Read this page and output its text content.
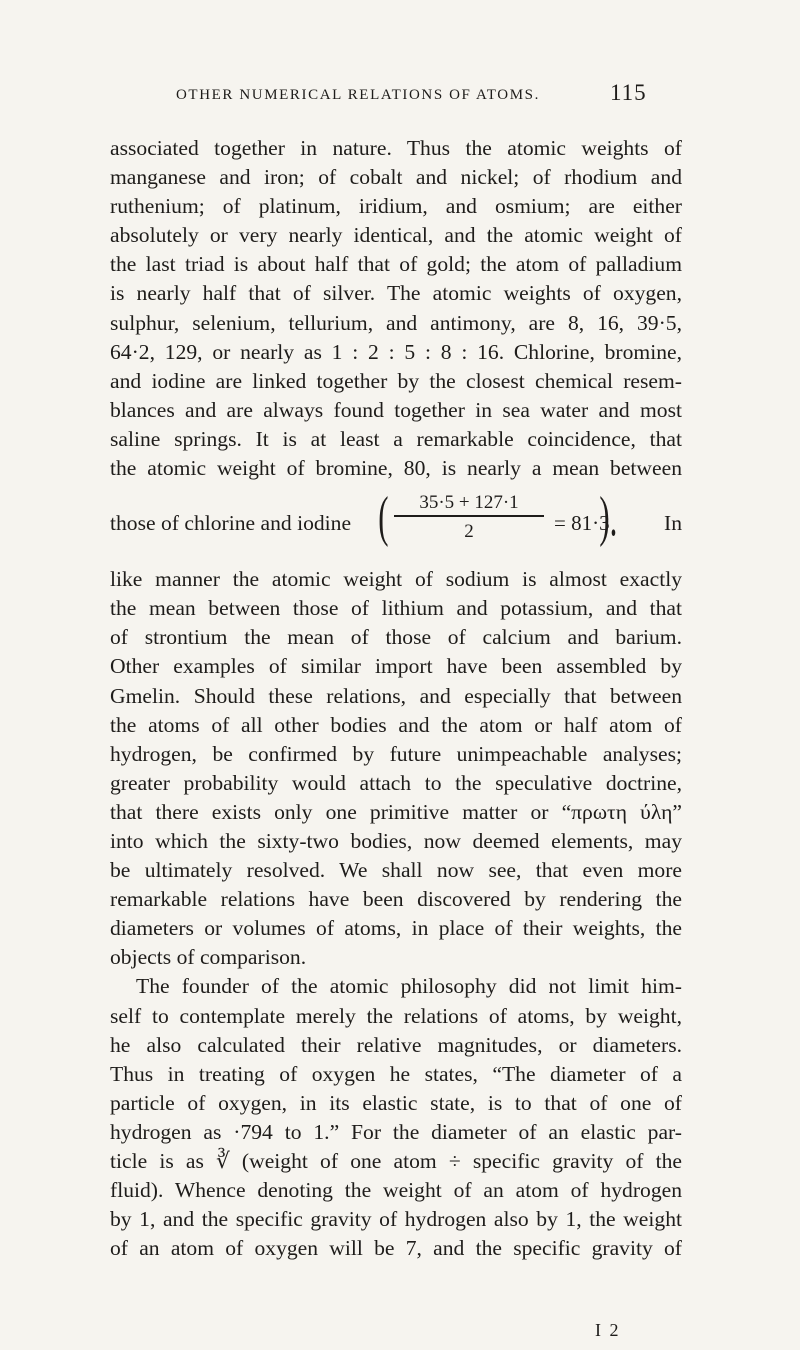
OTHER NUMERICAL RELATIONS OF ATOMS.	115
associated together in nature. Thus the atomic weights of
manganese and iron; of cobalt and nickel; of rhodium and
ruthenium; of platinum, iridium, and osmium; are either
absolutely or very nearly identical, and the atomic weight of
the last triad is about half that of gold; the atom of palladium
is nearly half that of silver. The atomic weights of oxygen,
sulphur, selenium, tellurium, and antimony, are 8, 16, 39·5,
64·2, 129, or nearly as 1 : 2 : 5 : 8 : 16. Chlorine, bromine,
and iodine are linked together by the closest chemical resem-
blances and are always found together in sea water and most
saline springs. It is at least a remarkable coincidence, that
the atomic weight of bromine, 80, is nearly a mean between
those of chlorine and iodine (	35·5 + 127·1
2	= 81·3
). In
like manner the atomic weight of sodium is almost exactly
the mean between those of lithium and potassium, and that
of strontium the mean of those of calcium and barium.
Other examples of similar import have been assembled by
Gmelin. Should these relations, and especially that between
the atoms of all other bodies and the atom or half atom of
hydrogen, be confirmed by future unimpeachable analyses;
greater probability would attach to the speculative doctrine,
that there exists only one primitive matter or “πρωτη ύλη”
into which the sixty-two bodies, now deemed elements, may
be ultimately resolved. We shall now see, that even more
remarkable relations have been discovered by rendering the
diameters or volumes of atoms, in place of their weights, the
objects of comparison.
The founder of the atomic philosophy did not limit him-
self to contemplate merely the relations of atoms, by weight,
he also calculated their relative magnitudes, or diameters.
Thus in treating of oxygen he states, “The diameter of a
particle of oxygen, in its elastic state, is to that of one of
hydrogen as ·794 to 1.” For the diameter of an elastic par-
ticle is as ∛ (weight of one atom ÷ specific gravity of the
fluid). Whence denoting the weight of an atom of hydrogen
by 1, and the specific gravity of hydrogen also by 1, the weight
of an atom of oxygen will be 7, and the specific gravity of
I 2
